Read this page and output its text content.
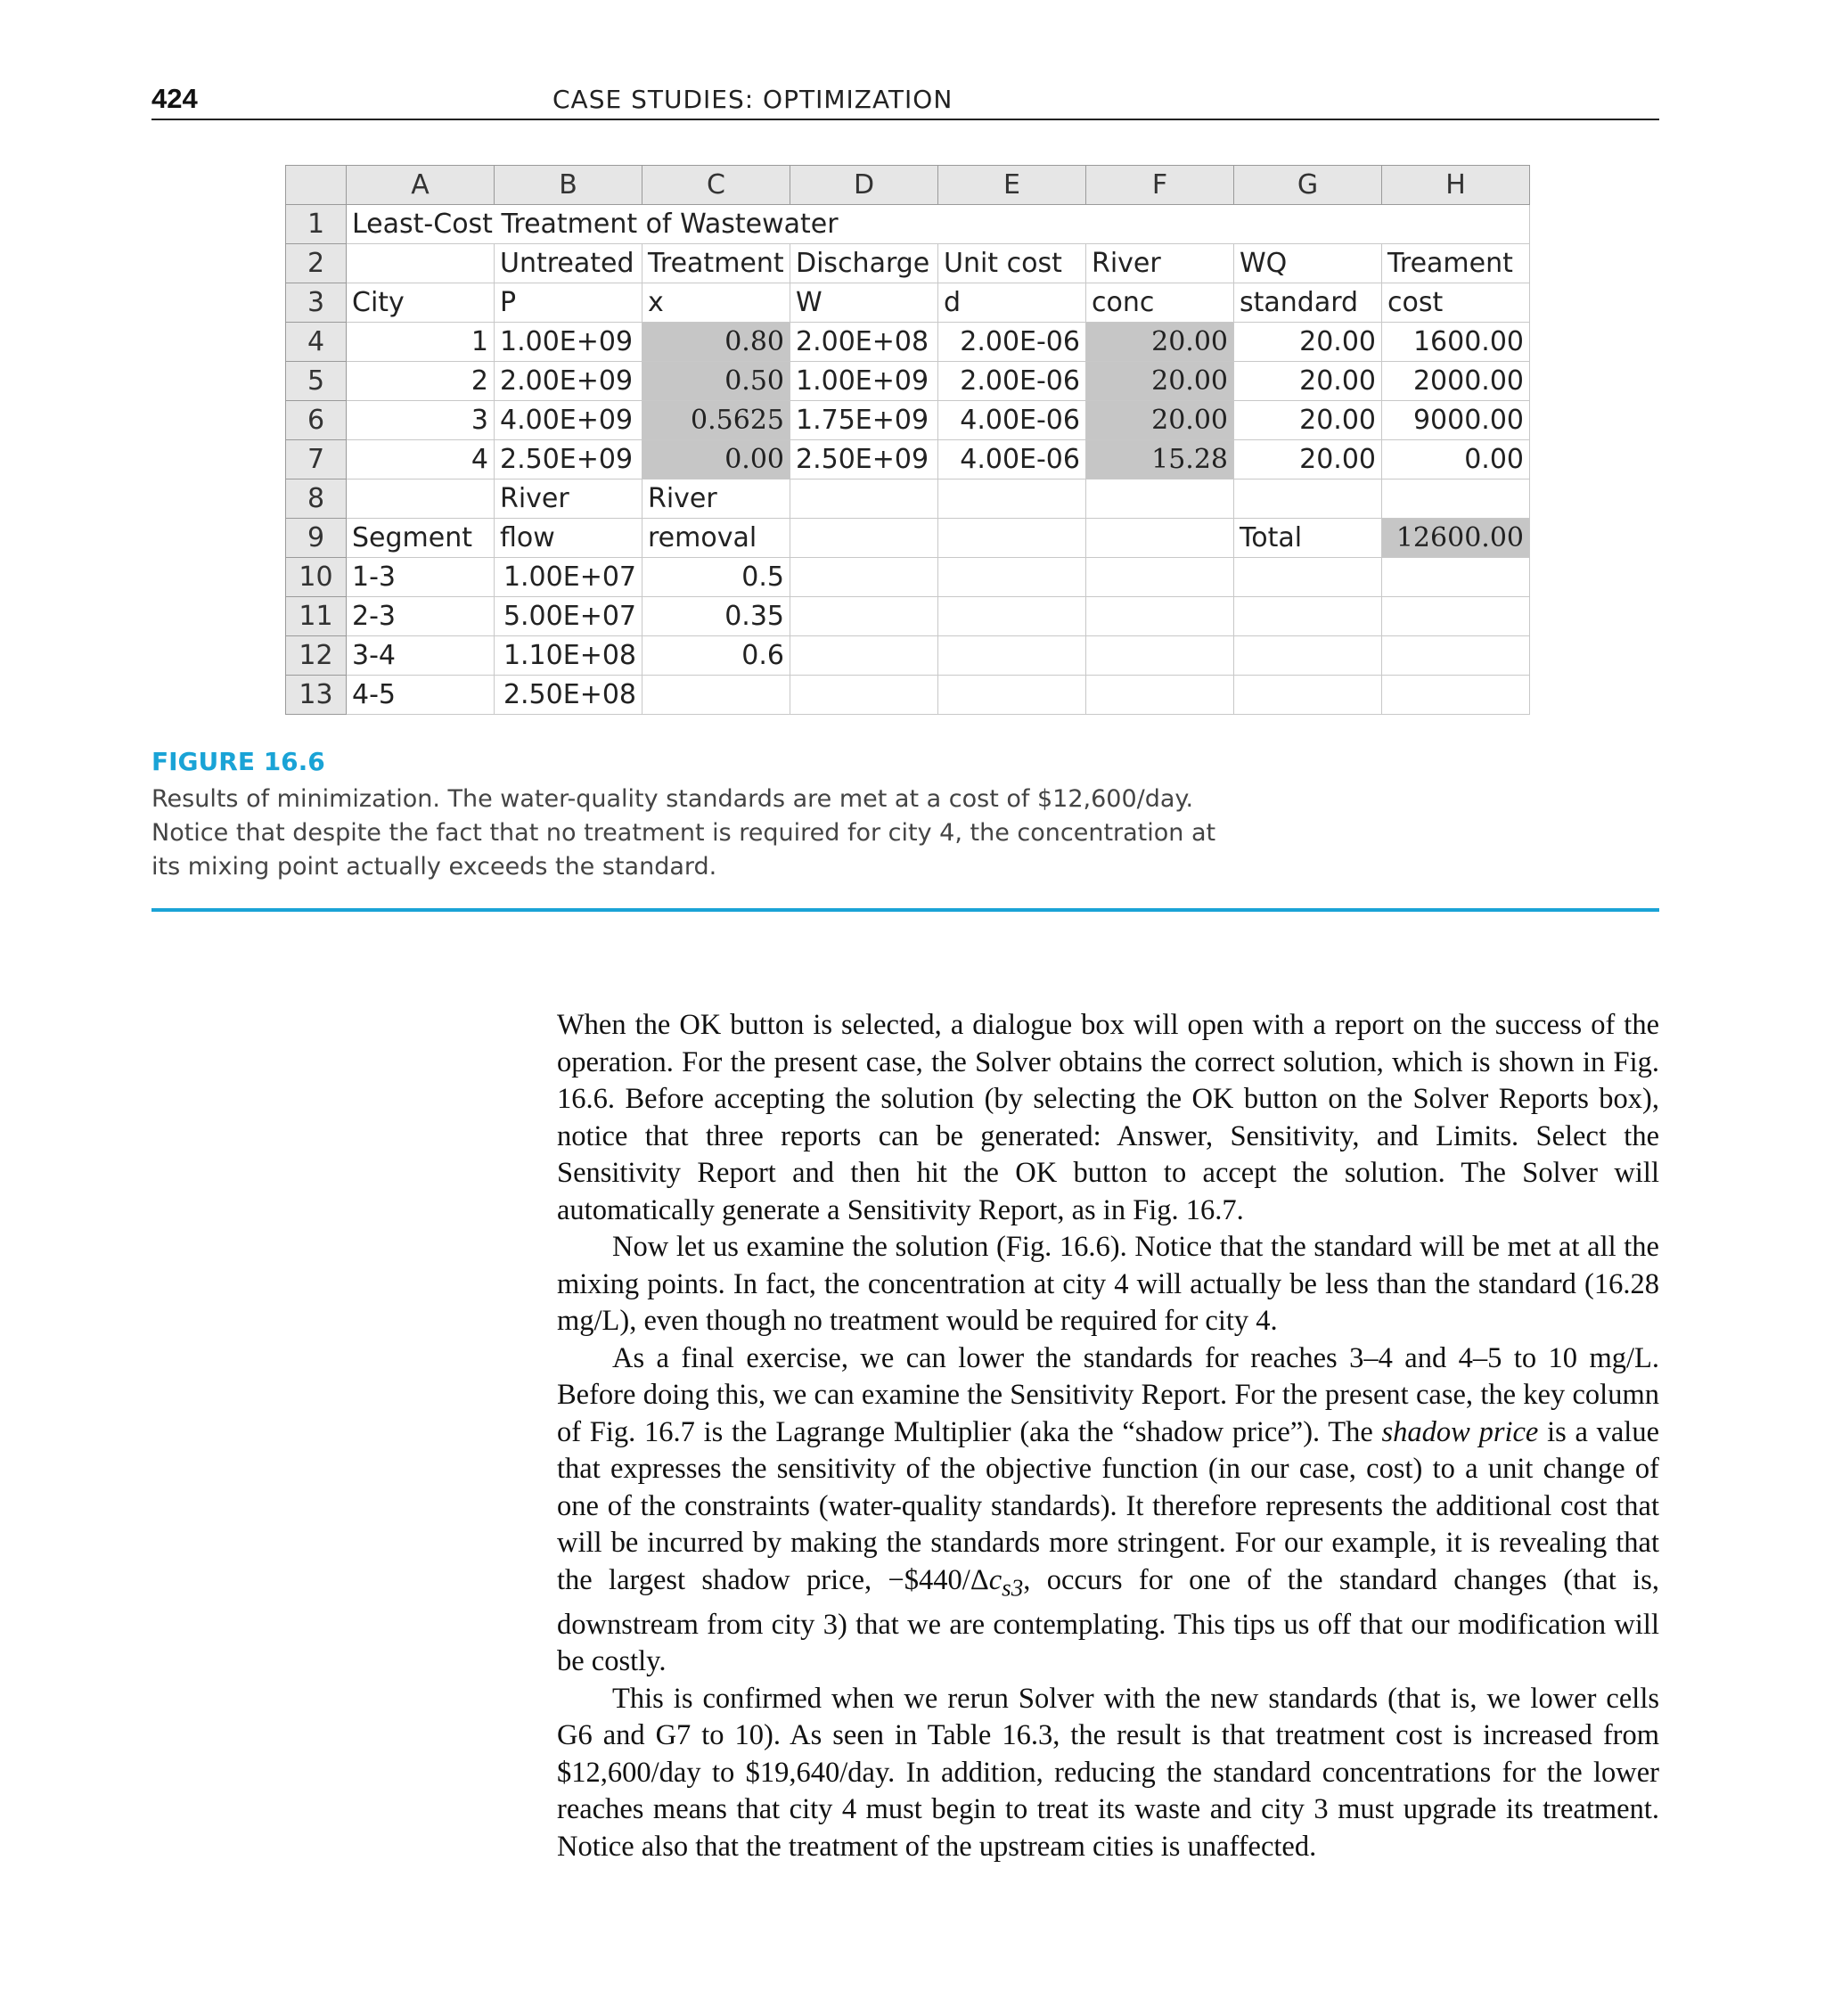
424	CASE STUDIES: OPTIMIZATION
	A	B	C	D	E	F	G	H
1	Least-Cost Treatment of Wastewater							
2		Untreated	Treatment	Discharge	Unit cost	River	WQ	Treament
3	City	P	x	W	d	conc	standard	cost
4	1	1.00E+09	0.80	2.00E+08	2.00E-06	20.00	20.00	1600.00
5	2	2.00E+09	0.50	1.00E+09	2.00E-06	20.00	20.00	2000.00
6	3	4.00E+09	0.5625	1.75E+09	4.00E-06	20.00	20.00	9000.00
7	4	2.50E+09	0.00	2.50E+09	4.00E-06	15.28	20.00	0.00
8		River	River					
9	Segment	flow	removal				Total	12600.00
10	1-3	1.00E+07	0.5					
11	2-3	5.00E+07	0.35					
12	3-4	1.10E+08	0.6					
13	4-5	2.50E+08						
FIGURE 16.6
Results of minimization. The water-quality standards are met at a cost of $12,600/day. Notice that despite the fact that no treatment is required for city 4, the concentration at its mixing point actually exceeds the standard.

When the OK button is selected, a dialogue box will open with a report on the success of the operation. For the present case, the Solver obtains the correct solution, which is shown in Fig. 16.6. Before accepting the solution (by selecting the OK button on the Solver Reports box), notice that three reports can be generated: Answer, Sensitivity, and Limits. Select the Sensitivity Report and then hit the OK button to accept the solution. The Solver will automatically generate a Sensitivity Report, as in Fig. 16.7.

Now let us examine the solution (Fig. 16.6). Notice that the standard will be met at all the mixing points. In fact, the concentration at city 4 will actually be less than the standard (16.28 mg/L), even though no treatment would be required for city 4.

As a final exercise, we can lower the standards for reaches 3–4 and 4–5 to 10 mg/L. Before doing this, we can examine the Sensitivity Report. For the present case, the key column of Fig. 16.7 is the Lagrange Multiplier (aka the “shadow price”). The shadow price is a value that expresses the sensitivity of the objective function (in our case, cost) to a unit change of one of the constraints (water-quality standards). It therefore represents the additional cost that will be incurred by making the standards more stringent. For our example, it is revealing that the largest shadow price, $-\$440/\Delta c_{s3}$, occurs for one of the standard changes (that is, downstream from city 3) that we are contemplating. This tips us off that our modification will be costly.

This is confirmed when we rerun Solver with the new standards (that is, we lower cells G6 and G7 to 10). As seen in Table 16.3, the result is that treatment cost is increased from $12,600/day to $19,640/day. In addition, reducing the standard concentrations for the lower reaches means that city 4 must begin to treat its waste and city 3 must upgrade its treatment. Notice also that the treatment of the upstream cities is unaffected.
